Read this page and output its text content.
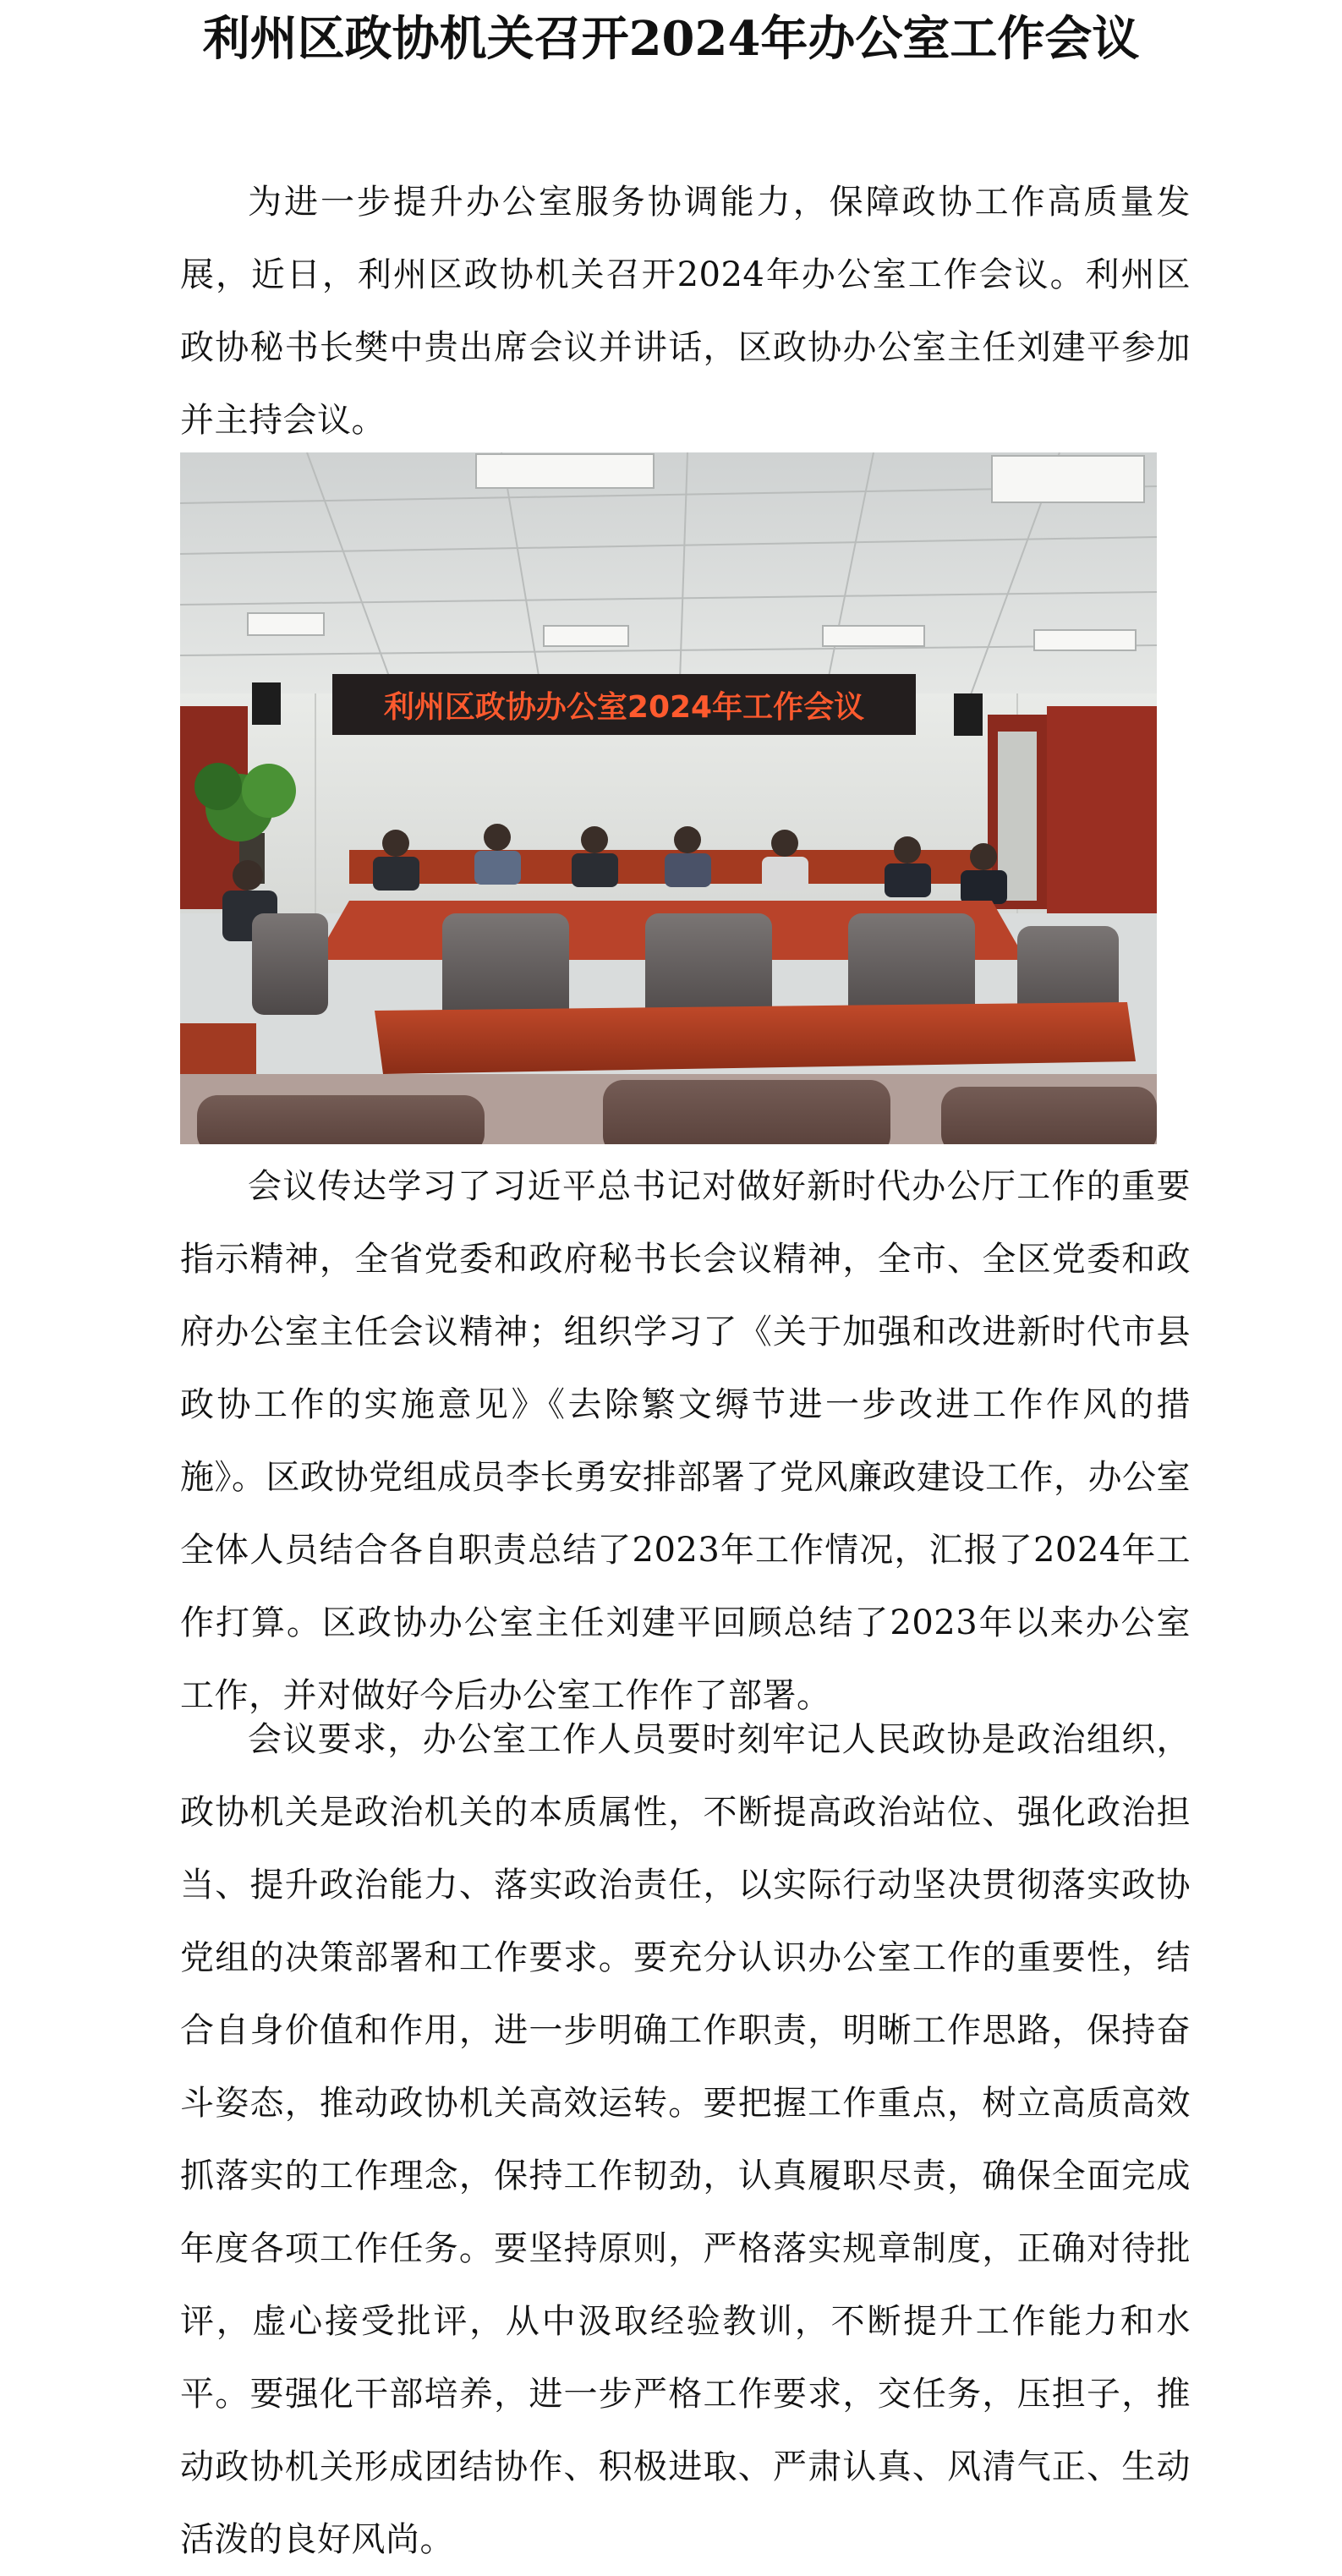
利州区政协机关召开2024年办公室工作会议

为进一步提升办公室服务协调能力，保障政协工作高质量发展，近日，利州区政协机关召开2024年办公室工作会议。利州区政协秘书长樊中贵出席会议并讲话，区政协办公室主任刘建平参加并主持会议。

利州区政协办公室2024年工作会议

会议传达学习了习近平总书记对做好新时代办公厅工作的重要指示精神，全省党委和政府秘书长会议精神，全市、全区党委和政府办公室主任会议精神；组织学习了《关于加强和改进新时代市县政协工作的实施意见》《去除繁文缛节进一步改进工作作风的措施》。区政协党组成员李长勇安排部署了党风廉政建设工作，办公室全体人员结合各自职责总结了2023年工作情况，汇报了2024年工作打算。区政协办公室主任刘建平回顾总结了2023年以来办公室工作，并对做好今后办公室工作作了部署。

会议要求，办公室工作人员要时刻牢记人民政协是政治组织，政协机关是政治机关的本质属性，不断提高政治站位、强化政治担当、提升政治能力、落实政治责任，以实际行动坚决贯彻落实政协党组的决策部署和工作要求。要充分认识办公室工作的重要性，结合自身价值和作用，进一步明确工作职责，明晰工作思路，保持奋斗姿态，推动政协机关高效运转。要把握工作重点，树立高质高效抓落实的工作理念，保持工作韧劲，认真履职尽责，确保全面完成年度各项工作任务。要坚持原则，严格落实规章制度，正确对待批评，虚心接受批评，从中汲取经验教训，不断提升工作能力和水平。要强化干部培养，进一步严格工作要求，交任务，压担子，推动政协机关形成团结协作、积极进取、严肃认真、风清气正、生动活泼的良好风尚。
